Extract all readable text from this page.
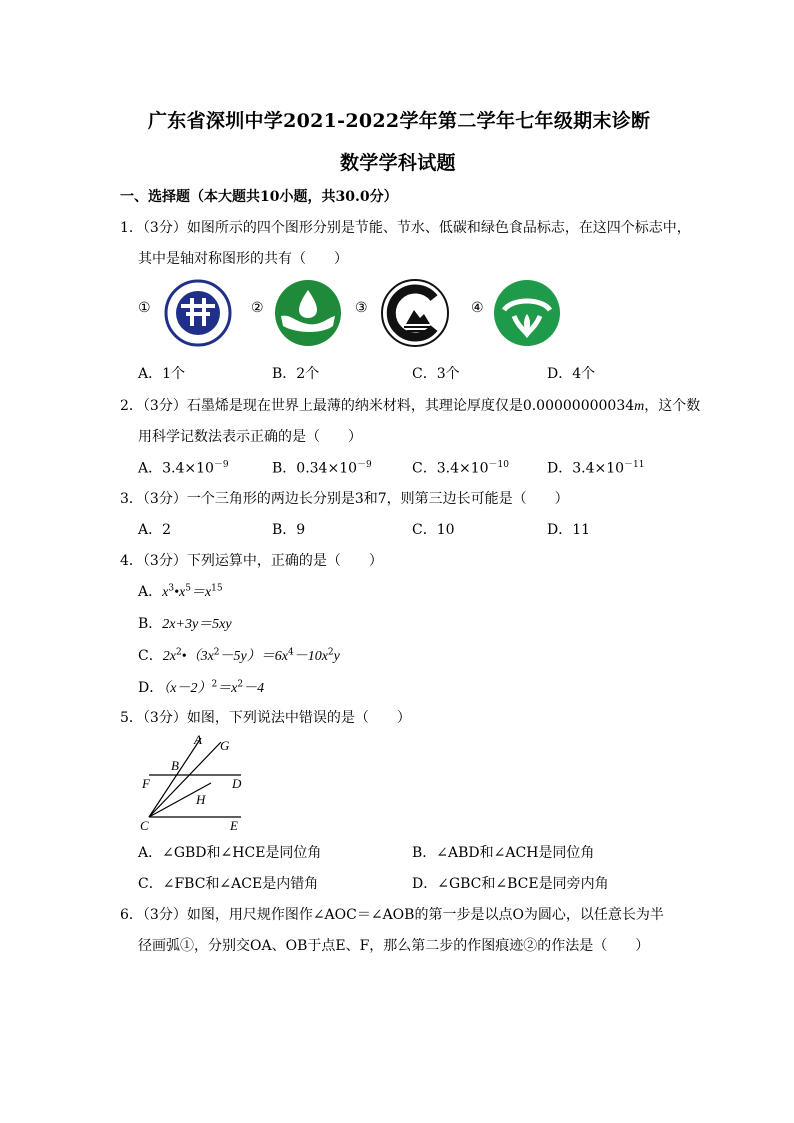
广东省深圳中学2021-2022学年第二学年七年级期末诊断
数学学科试题
一、选择题（本大题共10小题，共30.0分）
1．（3分）如图所示的四个图形分别是节能、节水、低碳和绿色食品标志，在这四个标志中，
其中是轴对称图形的共有（　　）
①	②	③	④
A．1个	B．2个	C．3个	D．4个
2．（3分）石墨烯是现在世界上最薄的纳米材料，其理论厚度仅是0.00000000034m，这个数
用科学记数法表示正确的是（　　）
A．$3.4\times 10^{-9}$	B．$0.34\times 10^{-9}$	C．$3.4\times 10^{-10}$	D．$3.4\times 10^{-11}$
3．（3分）一个三角形的两边长分别是3和7，则第三边长可能是（　　）
A．2	B．9	C．10	D．11
4．（3分）下列运算中，正确的是（　　）
A．$x^3•x^5=x^{15}$
B．2x+3y＝5xy
C．$2x^2•(3x^2-5y)=6x^4-10x^2y$
D．$(x-2)^2=x^2-4$
5．（3分）如图，下列说法中错误的是（　　）
A G
B
F	D
H
C	E
A．∠GBD和∠HCE是同位角	B．∠ABD和∠ACH是同位角
C．∠FBC和∠ACE是内错角	D．∠GBC和∠BCE是同旁内角
6．（3分）如图，用尺规作图作∠AOC＝∠AOB的第一步是以点O为圆心，以任意长为半
径画弧①，分别交OA、OB于点E、F，那么第二步的作图痕迹②的作法是（　　）
